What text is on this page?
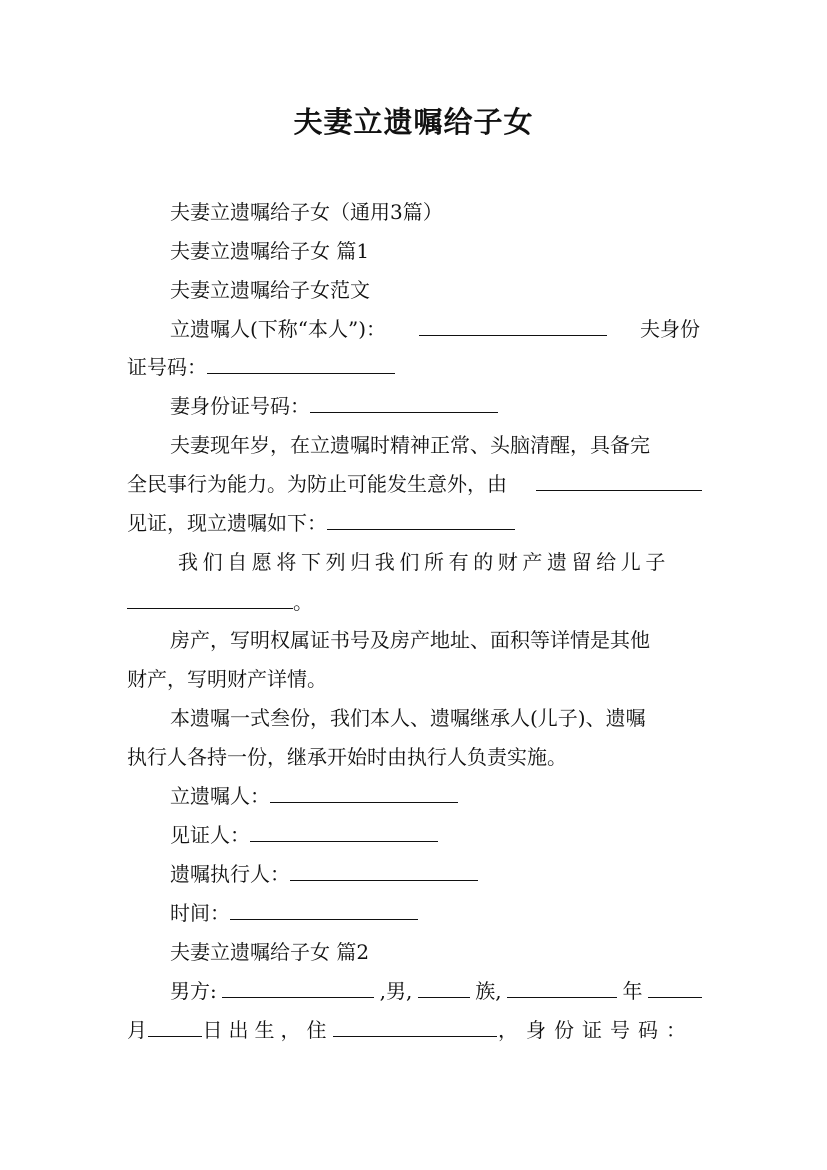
夫妻立遗嘱给子女
夫妻立遗嘱给子女（通用3篇）
夫妻立遗嘱给子女 篇1
夫妻立遗嘱给子女范文
立遗嘱人(下称“本人”)：	夫身份
证号码：
妻身份证号码：
夫妻现年岁，在立遗嘱时精神正常、头脑清醒，具备完
全民事行为能力。为防止可能发生意外，由
见证，现立遗嘱如下：
我们自愿将下列归我们所有的财产遗留给儿子
。
房产，写明权属证书号及房产地址、面积等详情是其他
财产，写明财产详情。
本遗嘱一式叁份，我们本人、遗嘱继承人(儿子)、遗嘱
执行人各持一份，继承开始时由执行人负责实施。
立遗嘱人：
见证人：
遗嘱执行人：
时间：
夫妻立遗嘱给子女 篇2
男方:	,男,	族,	年
月	日出生，住	，身份证号码：
